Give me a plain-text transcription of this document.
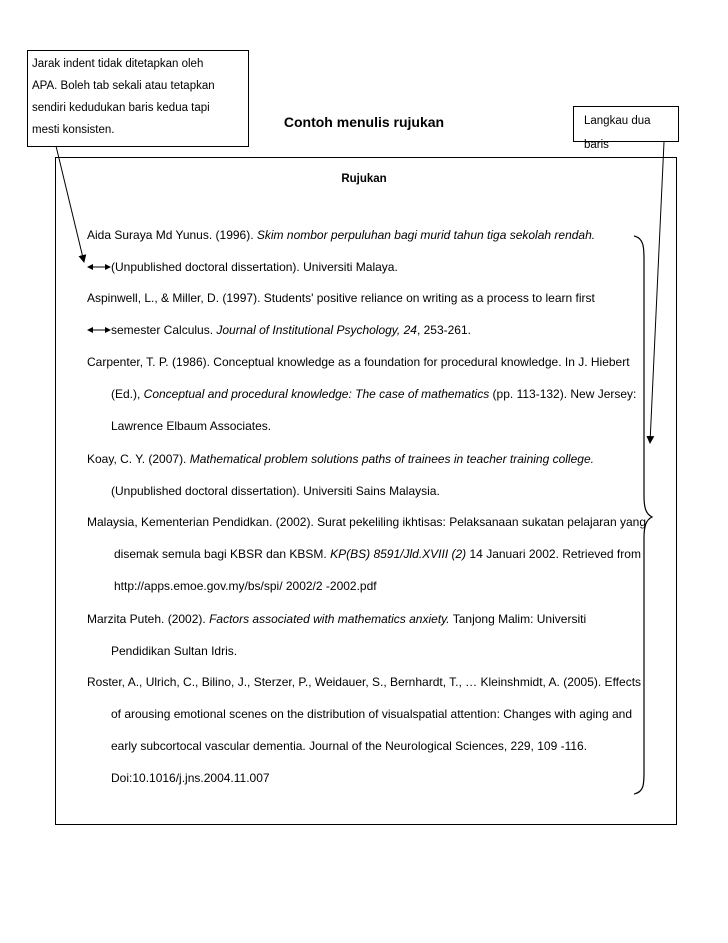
Jarak indent tidak ditetapkan oleh
APA. Boleh tab sekali atau tetapkan
sendiri kedudukan baris kedua tapi
mesti konsisten.
Langkau dua baris
Contoh menulis rujukan
Rujukan
Aida Suraya Md Yunus. (1996). Skim nombor perpuluhan bagi murid tahun tiga sekolah rendah.
(Unpublished doctoral dissertation). Universiti Malaya.
Aspinwell, L., & Miller, D. (1997). Students' positive reliance on writing as a process to learn first
semester Calculus. Journal of Institutional Psychology, 24, 253-261.
Carpenter, T. P. (1986). Conceptual knowledge as a foundation for procedural knowledge. In J. Hiebert
(Ed.), Conceptual and procedural knowledge: The case of mathematics (pp. 113-132). New Jersey:
Lawrence Elbaum Associates.
Koay, C. Y. (2007). Mathematical problem solutions paths of trainees in teacher training college.
(Unpublished doctoral dissertation). Universiti Sains Malaysia.
Malaysia, Kementerian Pendidkan. (2002). Surat pekeliling ikhtisas: Pelaksanaan sukatan pelajaran yang
disemak semula bagi KBSR dan KBSM. KP(BS) 8591/Jld.XVIII (2) 14 Januari 2002. Retrieved from
http://apps.emoe.gov.my/bs/spi/ 2002/2 -2002.pdf
Marzita Puteh. (2002). Factors associated with mathematics anxiety. Tanjong Malim: Universiti
Pendidikan Sultan Idris.
Roster, A., Ulrich, C., Bilino, J., Sterzer, P., Weidauer, S., Bernhardt, T., … Kleinshmidt, A. (2005). Effects
of arousing emotional scenes on the distribution of visualspatial attention: Changes with aging and
early subcortocal vascular dementia. Journal of the Neurological Sciences, 229, 109 -116.
Doi:10.1016/j.jns.2004.11.007
